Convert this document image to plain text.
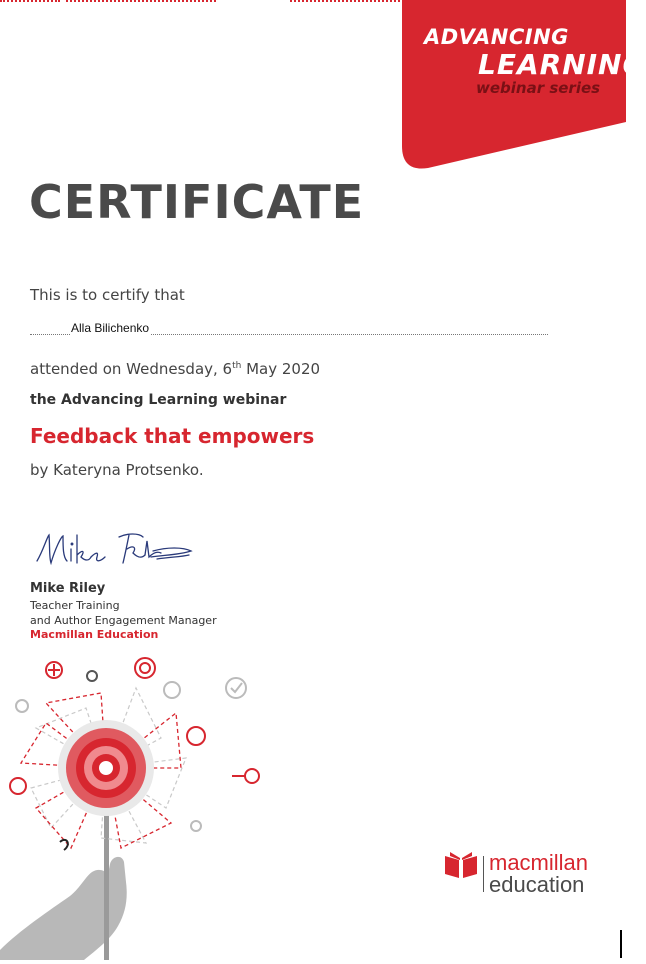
ADVANCING
LEARNING
webinar series
CERTIFICATE
This is to certify that
Alla Bilichenko
attended on Wednesday, 6th May 2020
the Advancing Learning webinar
Feedback that empowers
by Kateryna Protsenko.
Mike Riley
Teacher Training
and Author Engagement Manager
Macmillan Education
macmillan
education
